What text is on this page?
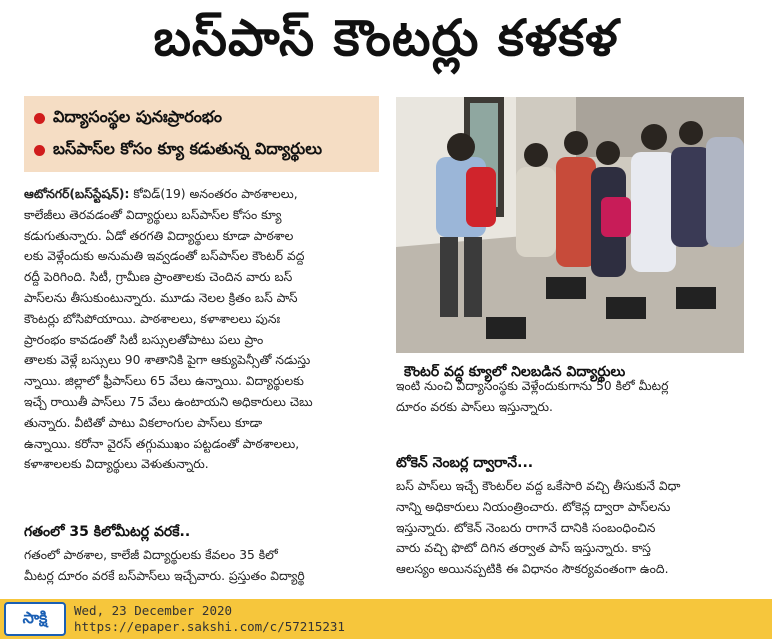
బస్‌పాస్ కౌంటర్లు కళకళ
విద్యాసంస్థల పునఃప్రారంభం
బస్‌పాస్‌ల కోసం క్యూ కడుతున్న విద్యార్థులు
కౌంటర్ వద్ద క్యూలో నిలబడిన విద్యార్థులు

ఆటోనగర్(బస్‌స్టేషన్): కోవిడ్(19) అనంతరం పాఠశాలలు,

కాలేజీలు తెరవడంతో విద్యార్థులు బస్‌పాస్‌ల కోసం క్యూ

కడుగుతున్నారు. ఏడో తరగతి విద్యార్థులు కూడా పాఠశాల

లకు వెళ్లేందుకు అనుమతి ఇవ్వడంతో బస్‌పాస్‌ల కౌంటర్ వద్ద

రద్దీ పెరిగింది. సిటీ, గ్రామీణ ప్రాంతాలకు చెందిన వారు బస్

పాస్‌లను తీసుకుంటున్నారు. మూడు నెలల క్రితం బస్ పాస్

కౌంటర్లు బోసిపోయాయి. పాఠశాలలు, కళాశాలలు పునః

ప్రారంభం కావడంతో సిటీ బస్సులతోపాటు పలు ప్రాం

తాలకు వెళ్లే బస్సులు 90 శాతానికి పైగా ఆక్యుపెన్సీతో నడుస్తు

న్నాయి. జిల్లాలో ఫ్రీపాస్‌లు 65 వేలు ఉన్నాయి. విద్యార్థులకు

ఇచ్చే రాయితీ పాస్‌లు 75 వేలు ఉంటాయని అధికారులు చెబు

తున్నారు. వీటితో పాటు వికలాంగుల పాస్‌లు కూడా

ఉన్నాయి. కరోనా వైరస్ తగ్గుముఖం పట్టడంతో పాఠశాలలు,

కళాశాలలకు విద్యార్థులు వెళుతున్నారు.

గతంలో 35 కిలోమీటర్ల వరకే..

గతంలో పాఠశాల, కాలేజీ విద్యార్థులకు కేవలం 35 కిలో

మీటర్ల దూరం వరకే బస్‌పాస్‌లు ఇచ్చేవారు. ప్రస్తుతం విద్యార్థి

ఇంటి నుంచి విద్యాసంస్థకు వెళ్లేందుకుగాను 50 కిలో మీటర్ల

దూరం వరకు పాస్‌లు ఇస్తున్నారు.

టోకెన్ నెంబర్ల ద్వారానే...

బస్ పాస్‌లు ఇచ్చే కౌంటర్‌ల వద్ద ఒకేసారి వచ్చి తీసుకునే విధా

నాన్ని అధికారులు నియంత్రించారు. టోకెన్ల ద్వారా పాస్‌లను

ఇస్తున్నారు. టోకెన్ నెంబరు రాగానే దానికి సంబంధించిన

వారు వచ్చి ఫొటో దిగిన తర్వాత పాస్ ఇస్తున్నారు. కాస్త

ఆలస్యం అయినప్పటికి ఈ విధానం సౌకర్యవంతంగా ఉంది.

సాక్షి	Wed, 23 December 2020
https://epaper.sakshi.com/c/57215231
